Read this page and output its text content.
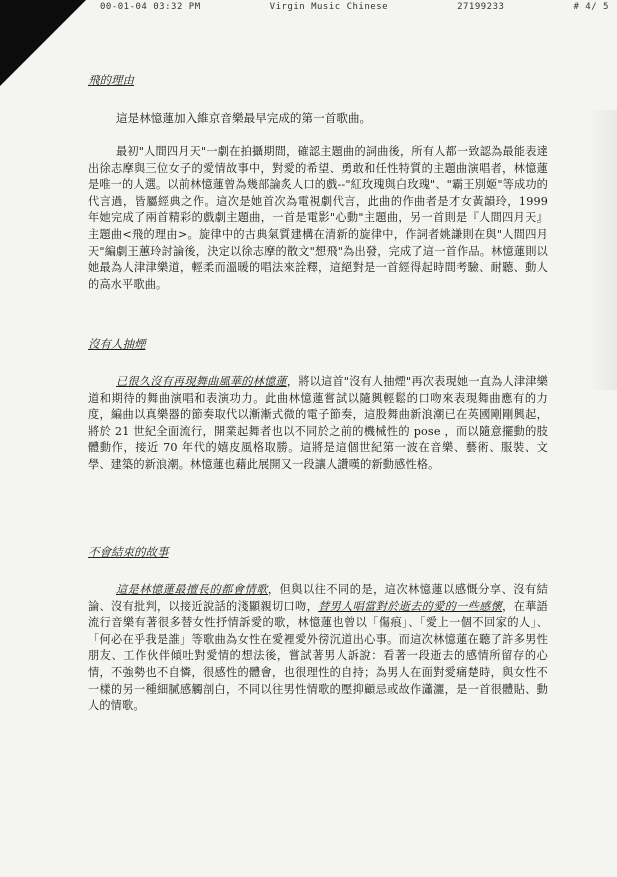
00-01-04 03:32 PM	Virgin Music Chinese	27199233	# 4/ 5
飛的理由

這是林憶蓮加入維京音樂最早完成的第一首歌曲。

最初"人間四月天"一劇在拍攝期間，確認主題曲的詞曲後，所有人都一致認為最能表達出徐志摩與三位女子的愛情故事中，對愛的希望、勇敢和任性特質的主題曲演唱者，林憶蓮是唯一的人選。以前林憶蓮曾為幾部論炙人口的戲--"紅玫瑰與白玫瑰"、"霸王別姬"等成功的代言過，皆屬經典之作。這次是她首次為電視劇代言，此曲的作曲者是才女黃韻玲，1999 年她完成了兩首精彩的戲劇主題曲，一首是電影"心動"主題曲，另一首則是『人間四月天』主題曲<飛的理由>。旋律中的古典氣質建構在清新的旋律中，作詞者姚謙則在與"人間四月天"編劇王蕙玲討論後，決定以徐志摩的散文"想飛"為出發，完成了這一首作品。林憶蓮則以她最為人津津樂道，輕柔而溫暖的唱法來詮釋，這絕對是一首經得起時間考驗、耐聽、動人的高水平歌曲。

沒有人抽煙

已很久沒有再現舞曲風華的林憶蓮，將以這首"沒有人抽煙"再次表現她一直為人津津樂道和期待的舞曲演唱和表演功力。此曲林憶蓮嘗試以隨興輕鬆的口吻來表現舞曲應有的力度，編曲以真樂器的節奏取代以漸漸式微的電子節奏，這股舞曲新浪潮已在英國剛剛興起，將於 21 世紀全面流行，開業起舞者也以不同於之前的機械性的 pose ，而以隨意擺動的肢體動作，接近 70 年代的嬉皮風格取勝。這將是這個世紀第一波在音樂、藝術、服裝、文學、建築的新浪潮。林憶蓮也藉此展開又一段讓人讚嘆的新動感性格。

不會結束的故事

這是林憶蓮最擅長的都會情歌，但與以往不同的是，這次林憶蓮以感慨分享、沒有結論、沒有批判，以接近說話的淺顯親切口吻，替男人唱當對於逝去的愛的一些感懷，在華語流行音樂有著很多替女性抒情訴愛的歌，林憶蓮也曾以「傷痕」、「愛上一個不回家的人」、「何必在乎我是誰」等歌曲為女性在愛裡愛外徬沉道出心事。而這次林憶蓮在聽了許多男性朋友、工作伙伴傾吐對愛情的想法後，嘗試著男人訴說：看著一段逝去的感情所留存的心情，不強勢也不自憐，很感性的體會，也很理性的自持；為男人在面對愛痛楚時，與女性不一樣的另一種細膩感觸剖白，不同以往男性情歌的壓抑顧忌或故作瀟灑，是一首很體貼、動人的情歌。
